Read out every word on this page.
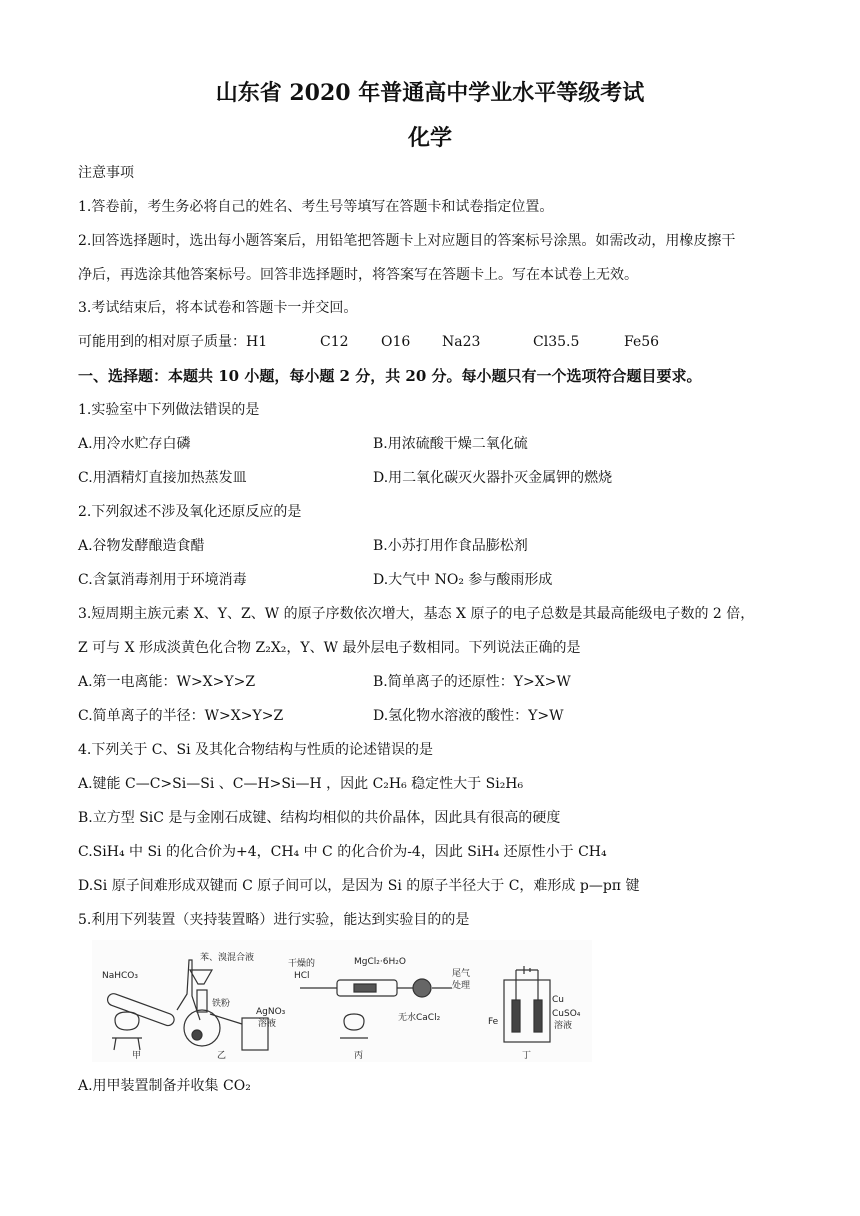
山东省 2020 年普通高中学业水平等级考试
化学
注意事项
1.答卷前，考生务必将自己的姓名、考生号等填写在答题卡和试卷指定位置。
2.回答选择题时，选出每小题答案后，用铅笔把答题卡上对应题目的答案标号涂黑。如需改动，用橡皮擦干
净后，再选涂其他答案标号。回答非选择题时，将答案写在答题卡上。写在本试卷上无效。
3.考试结束后，将本试卷和答题卡一并交回。
可能用到的相对原子质量：H1	C12 O16 Na23	Cl35.5	Fe56
一、选择题：本题共 10 小题，每小题 2 分，共 20 分。每小题只有一个选项符合题目要求。
1.实验室中下列做法错误的是
A.用冷水贮存白磷	B.用浓硫酸干燥二氧化硫
C.用酒精灯直接加热蒸发皿	D.用二氧化碳灭火器扑灭金属钾的燃烧
2.下列叙述不涉及氧化还原反应的是
A.谷物发酵酿造食醋	B.小苏打用作食品膨松剂
C.含氯消毒剂用于环境消毒	D.大气中 NO₂ 参与酸雨形成
3.短周期主族元素 X、Y、Z、W 的原子序数依次增大，基态 X 原子的电子总数是其最高能级电子数的 2 倍，
Z 可与 X 形成淡黄色化合物 Z₂X₂，Y、W 最外层电子数相同。下列说法正确的是
A.第一电离能：W>X>Y>Z	B.简单离子的还原性：Y>X>W
C.简单离子的半径：W>X>Y>Z	D.氢化物水溶液的酸性：Y>W
4.下列关于 C、Si 及其化合物结构与性质的论述错误的是
A.键能 C—C>Si—Si 、C—H>Si—H ，因此 C₂H₆ 稳定性大于 Si₂H₆
B.立方型 SiC 是与金刚石成键、结构均相似的共价晶体，因此具有很高的硬度
C.SiH₄ 中 Si 的化合价为+4，CH₄ 中 C 的化合价为-4，因此 SiH₄ 还原性小于 CH₄
D.Si 原子间难形成双键而 C 原子间可以，是因为 Si 的原子半径大于 C，难形成 p—pπ 键
5.利用下列装置（夹持装置略）进行实验，能达到实验目的的是
NaHCO₃
苯、溴混合液
铁粉
AgNO₃
溶液
干燥的
HCl
MgCl₂·6H₂O
无水CaCl₂
尾气
处理
Cu
Fe
CuSO₄
溶液
甲	乙	丙	丁
A.用甲装置制备并收集 CO₂
